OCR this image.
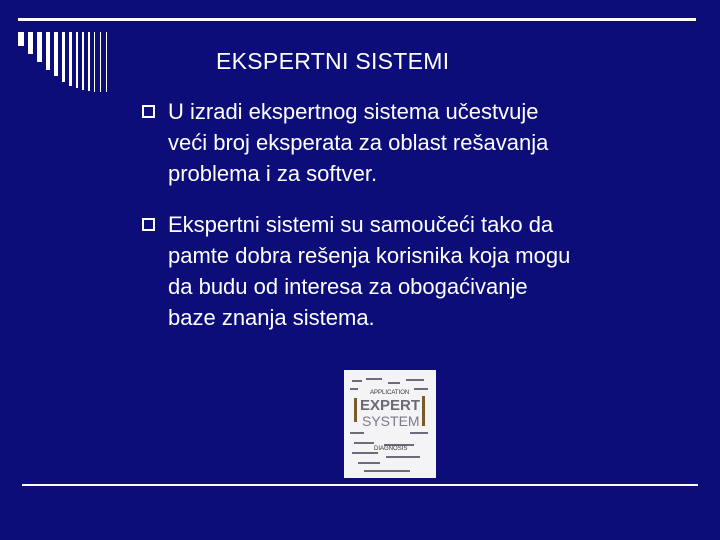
EKSPERTNI SISTEMI
U izradi ekspertnog sistema učestvuje
veći broj eksperata za oblast rešavanja
problema i za softver.
Ekspertni sistemi su samoučeći tako da
pamte dobra rešenja korisnika koja mogu
da budu od interesa za obogaćivanje
baze znanja sistema.
APPLICATION
EXPERT
SYSTEM
DIAGNOSIS
